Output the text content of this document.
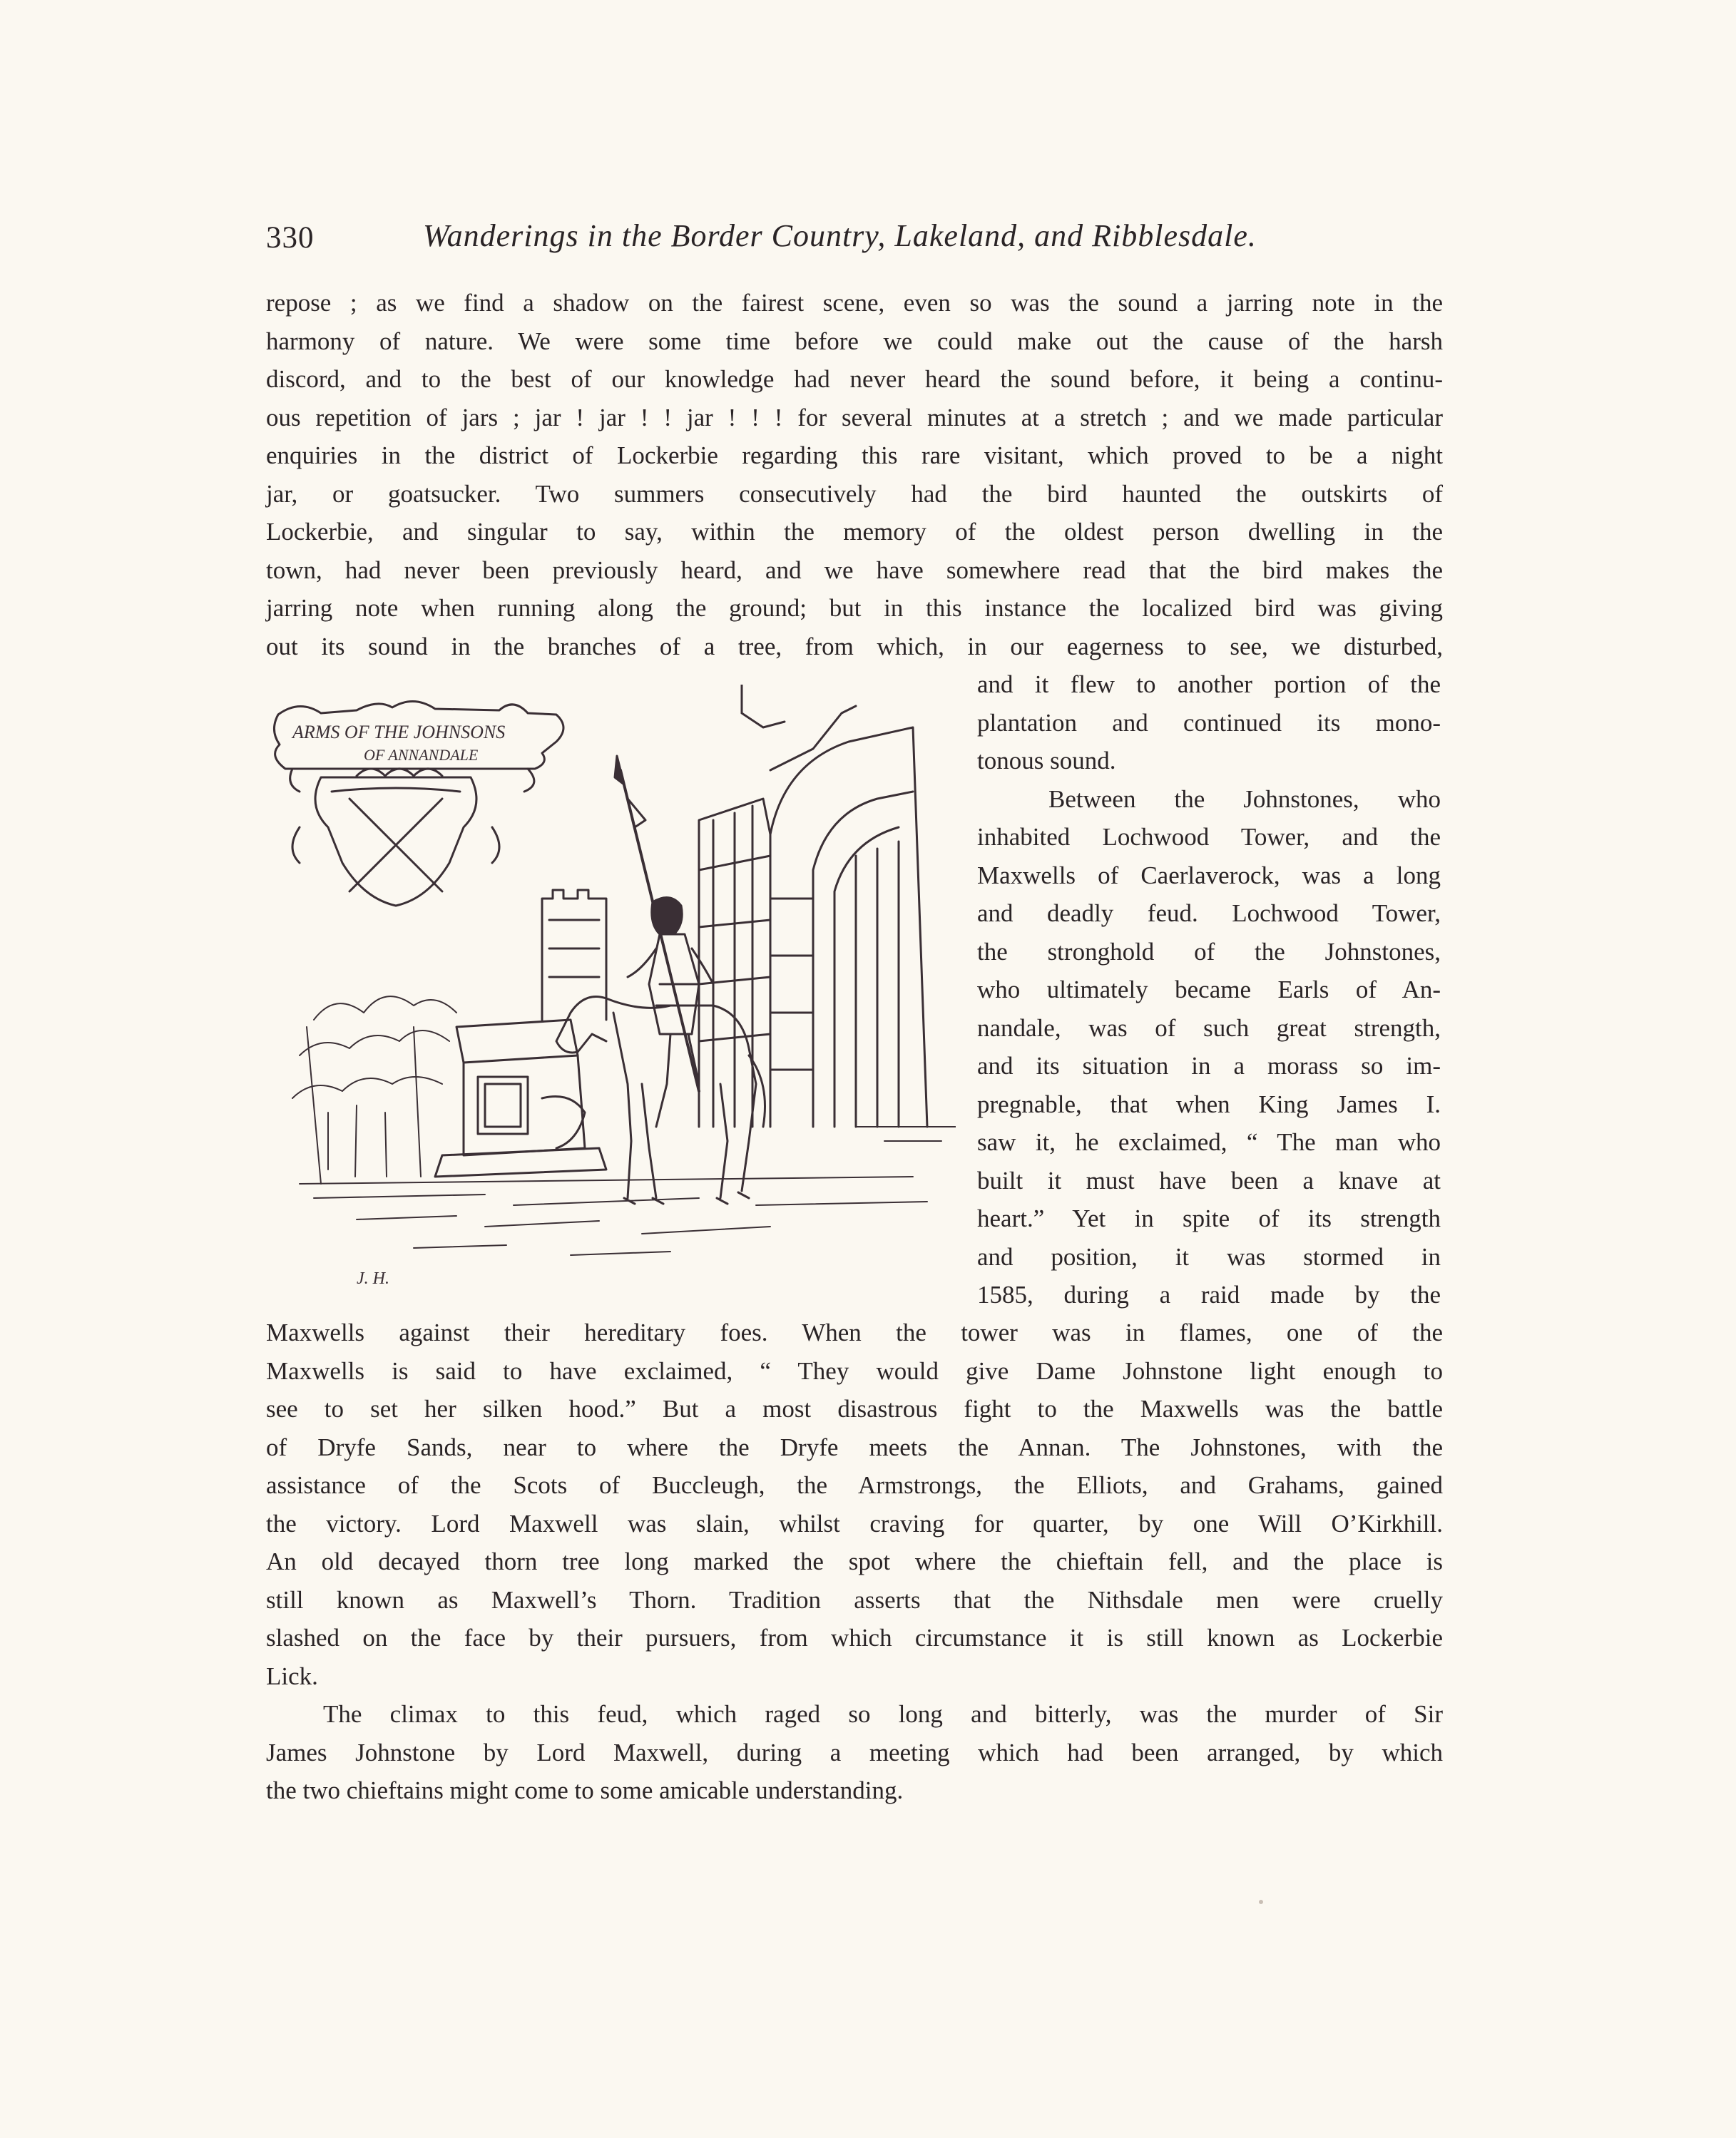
330	Wanderings in the Border Country, Lakeland, and Ribblesdale.
repose ; as we find a shadow on the fairest scene, even so was the sound a jarring note in the
harmony of nature. We were some time before we could make out the cause of the harsh
discord, and to the best of our knowledge had never heard the sound before, it being a continu-
ous repetition of jars ; jar ! jar ! ! jar ! ! ! for several minutes at a stretch ; and we made particular
enquiries in the district of Lockerbie regarding this rare visitant, which proved to be a night
jar, or goatsucker. Two summers consecutively had the bird haunted the outskirts of
Lockerbie, and singular to say, within the memory of the oldest person dwelling in the
town, had never been previously heard, and we have somewhere read that the bird makes the
jarring note when running along the ground; but in this instance the localized bird was giving
out its sound in the branches of a tree, from which, in our eagerness to see, we disturbed,
and it flew to another portion of the
plantation and continued its mono-
tonous sound.
Between the Johnstones, who
inhabited Lochwood Tower, and the
Maxwells of Caerlaverock, was a long
and deadly feud. Lochwood Tower,
the stronghold of the Johnstones,
who ultimately became Earls of An-
nandale, was of such great strength,
and its situation in a morass so im-
pregnable, that when King James I.
saw it, he exclaimed, “ The man who
built it must have been a knave at
heart.” Yet in spite of its strength
and position, it was stormed in
1585, during a raid made by the
Maxwells against their hereditary foes. When the tower was in flames, one of the
Maxwells is said to have exclaimed, “ They would give Dame Johnstone light enough to
see to set her silken hood.” But a most disastrous fight to the Maxwells was the battle
of Dryfe Sands, near to where the Dryfe meets the Annan. The Johnstones, with the
assistance of the Scots of Buccleugh, the Armstrongs, the Elliots, and Grahams, gained
the victory. Lord Maxwell was slain, whilst craving for quarter, by one Will O’Kirkhill.
An old decayed thorn tree long marked the spot where the chieftain fell, and the place is
still known as Maxwell’s Thorn. Tradition asserts that the Nithsdale men were cruelly
slashed on the face by their pursuers, from which circumstance it is still known as Lockerbie
Lick.
The climax to this feud, which raged so long and bitterly, was the murder of Sir
James Johnstone by Lord Maxwell, during a meeting which had been arranged, by which
the two chieftains might come to some amicable understanding.
ARMS OF THE JOHNSONS
OF ANNANDALE
J. H.
